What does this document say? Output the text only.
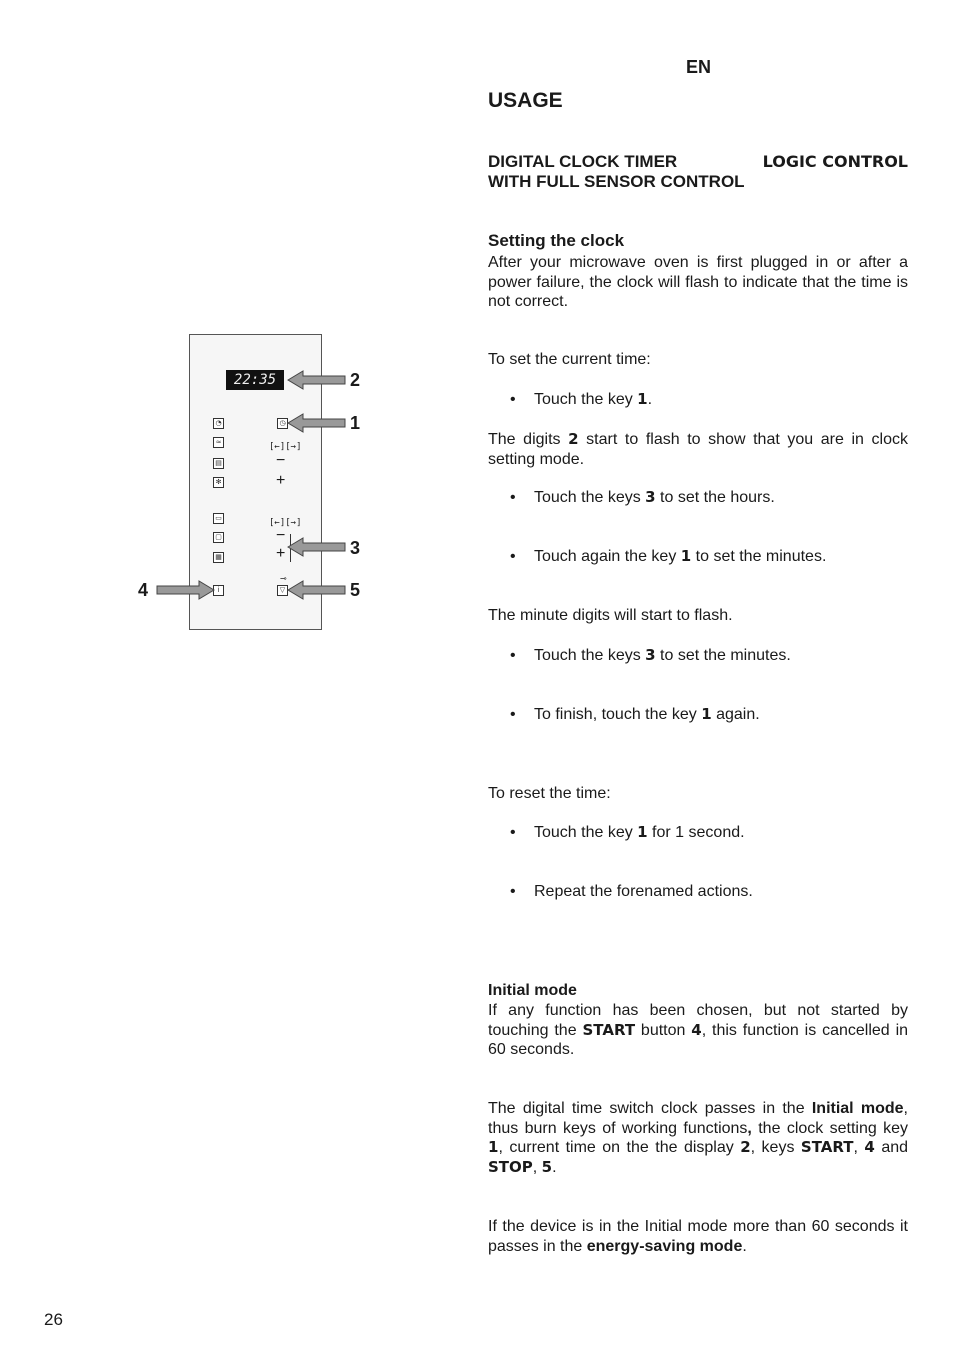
EN
USAGE
DIGITAL CLOCK TIMER	LOGIC CONTROL
WITH FULL SENSOR CONTROL
Setting the clock
After your microwave oven is first plugged in or after a power failure, the clock will flash to indicate that the time is not correct.
To set the current time:
• Touch the key 1.
The digits 2 start to flash to show that you are in clock setting mode.
• Touch the keys 3 to set the hours.
• Touch again the key 1 to set the minutes.
The minute digits will start to flash.
• Touch the keys 3 to set the minutes.
• To finish, touch the key 1 again.
To reset the time:
• Touch the key 1 for 1 second.
• Repeat the forenamed actions.
Initial mode
If any function has been chosen, but not started by touching the START button 4, this function is cancelled in 60 seconds.
The digital time switch clock passes in the Initial mode, thus burn keys of working functions, the clock setting key 1, current time on the the display 2, keys START, 4 and STOP, 5.
If the device is in the Initial mode more than 60 seconds it passes in the energy-saving mode.
22:35
◔
≈
▤
✻
▭
▢
▦
i
◷
[←][→]
−
+
[←][→]
−
+
⊸
▽
2
1
3
4	5
26
